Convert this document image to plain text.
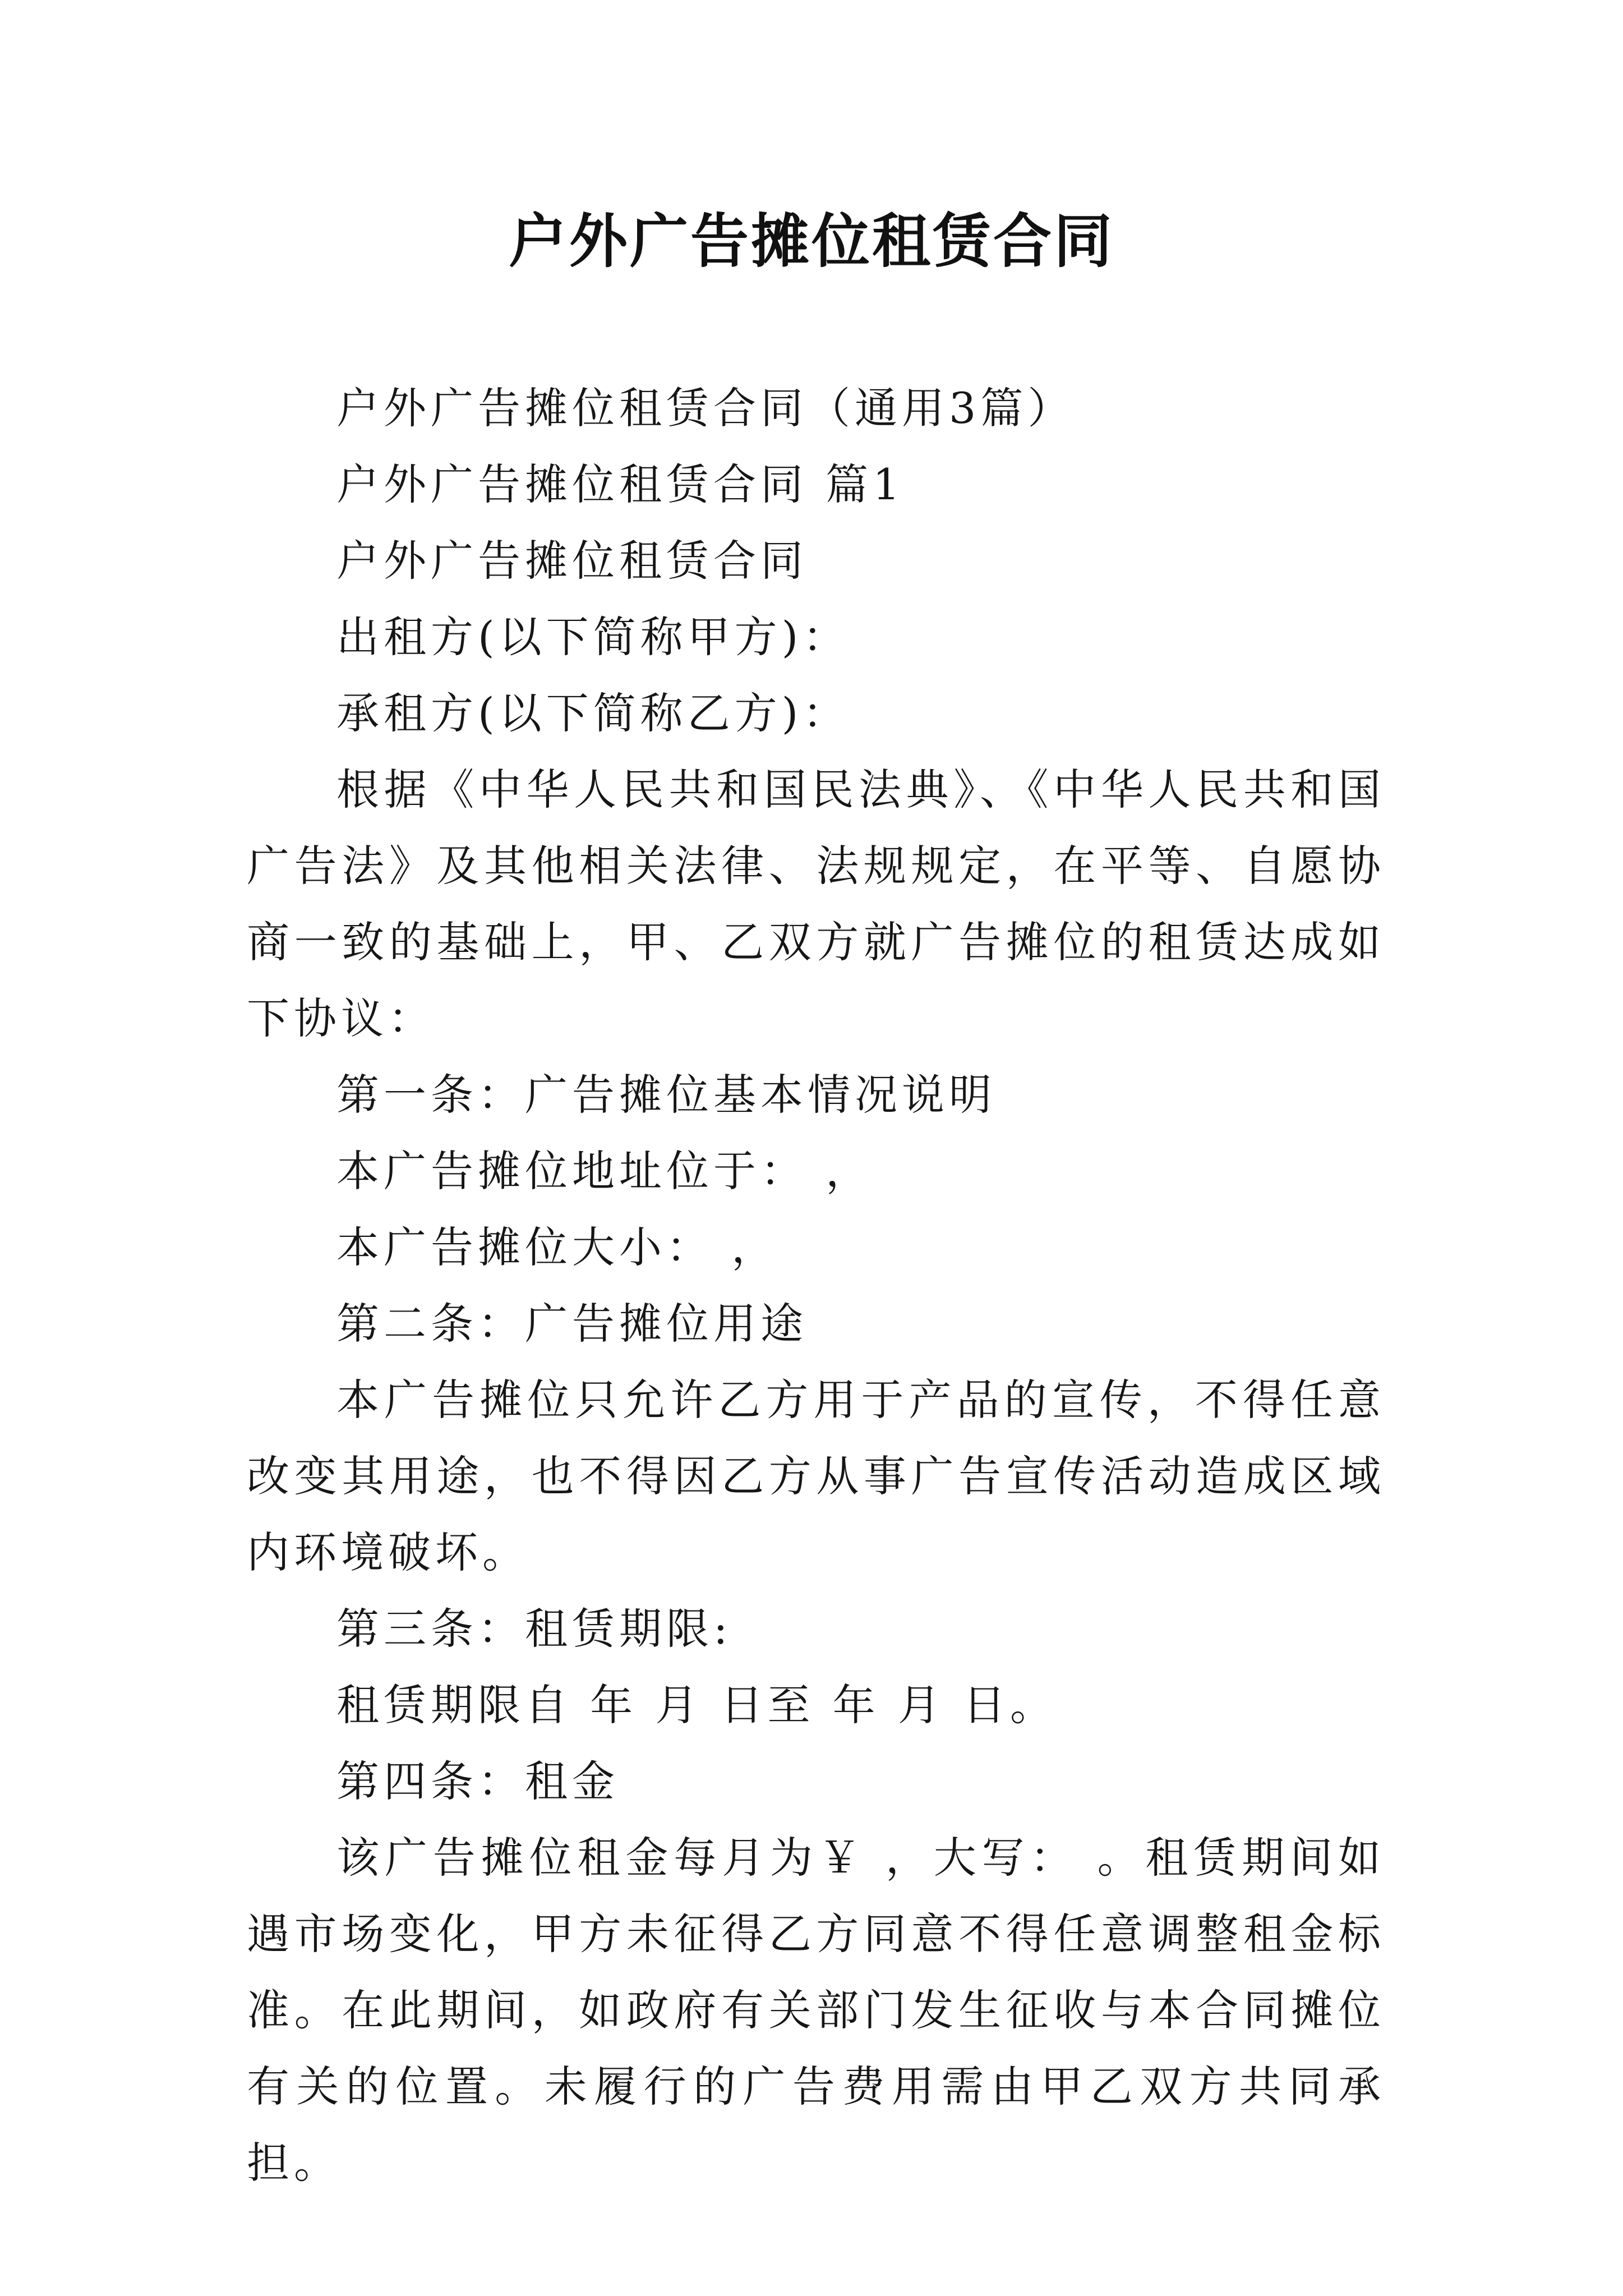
户外广告摊位租赁合同

户外广告摊位租赁合同（通用3篇）

户外广告摊位租赁合同 篇1

户外广告摊位租赁合同

出租方(以下简称甲方)：

承租方(以下简称乙方)：

根据《中华人民共和国民法典》、《中华人民共和国广告法》及其他相关法律、法规规定，在平等、自愿协商一致的基础上，甲、乙双方就广告摊位的租赁达成如下协议：

第一条：广告摊位基本情况说明

本广告摊位地址位于： ，

本广告摊位大小： ，

第二条：广告摊位用途

本广告摊位只允许乙方用于产品的宣传，不得任意改变其用途，也不得因乙方从事广告宣传活动造成区域内环境破坏。

第三条：租赁期限:

租赁期限自 年 月 日至 年 月 日。

第四条：租金

该广告摊位租金每月为￥ ，大写： 。租赁期间如遇市场变化，甲方未征得乙方同意不得任意调整租金标准。在此期间，如政府有关部门发生征收与本合同摊位有关的位置。未履行的广告费用需由甲乙双方共同承担。
